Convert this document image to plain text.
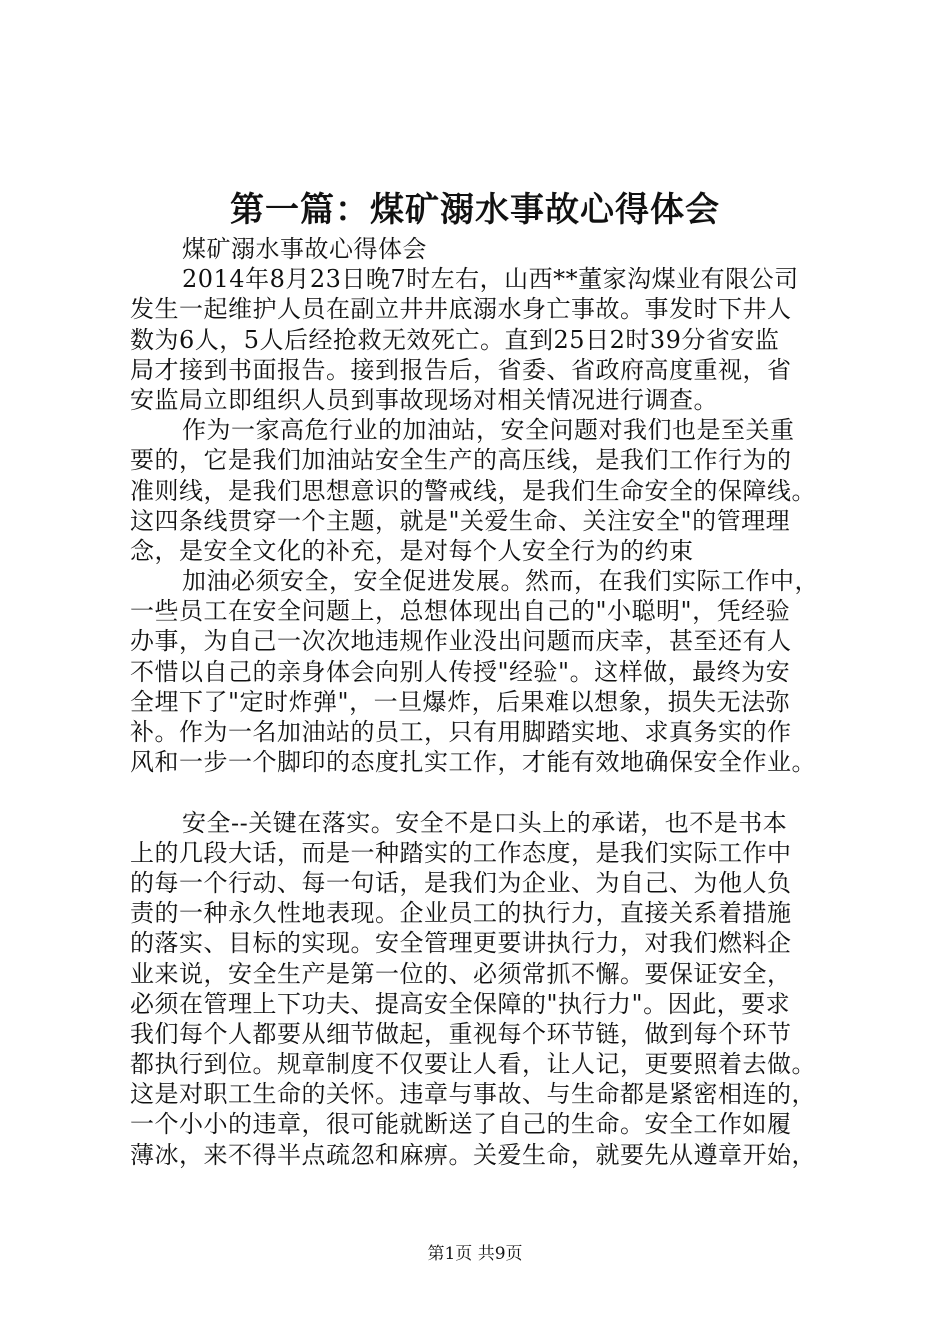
第一篇：煤矿溺水事故心得体会
煤矿溺水事故心得体会
2014年8月23日晚7时左右，山西**董家沟煤业有限公司
发生一起维护人员在副立井井底溺水身亡事故。事发时下井人
数为6人，5人后经抢救无效死亡。直到25日2时39分省安监
局才接到书面报告。接到报告后，省委、省政府高度重视，省
安监局立即组织人员到事故现场对相关情况进行调查。
作为一家高危行业的加油站，安全问题对我们也是至关重
要的，它是我们加油站安全生产的高压线，是我们工作行为的
准则线，是我们思想意识的警戒线，是我们生命安全的保障线。
这四条线贯穿一个主题，就是"关爱生命、关注安全"的管理理
念，是安全文化的补充，是对每个人安全行为的约束
加油必须安全，安全促进发展。然而，在我们实际工作中，
一些员工在安全问题上，总想体现出自己的"小聪明"，凭经验
办事，为自己一次次地违规作业没出问题而庆幸，甚至还有人
不惜以自己的亲身体会向别人传授"经验"。这样做，最终为安
全埋下了"定时炸弹"，一旦爆炸，后果难以想象，损失无法弥
补。作为一名加油站的员工，只有用脚踏实地、求真务实的作
风和一步一个脚印的态度扎实工作，才能有效地确保安全作业。
安全--关键在落实。安全不是口头上的承诺，也不是书本
上的几段大话，而是一种踏实的工作态度，是我们实际工作中
的每一个行动、每一句话，是我们为企业、为自己、为他人负
责的一种永久性地表现。企业员工的执行力，直接关系着措施
的落实、目标的实现。安全管理更要讲执行力，对我们燃料企
业来说，安全生产是第一位的、必须常抓不懈。要保证安全，
必须在管理上下功夫、提高安全保障的"执行力"。因此，要求
我们每个人都要从细节做起，重视每个环节链，做到每个环节
都执行到位。规章制度不仅要让人看，让人记，更要照着去做。
这是对职工生命的关怀。违章与事故、与生命都是紧密相连的，
一个小小的违章，很可能就断送了自己的生命。安全工作如履
薄冰，来不得半点疏忽和麻痹。关爱生命，就要先从遵章开始，
第1页 共9页
